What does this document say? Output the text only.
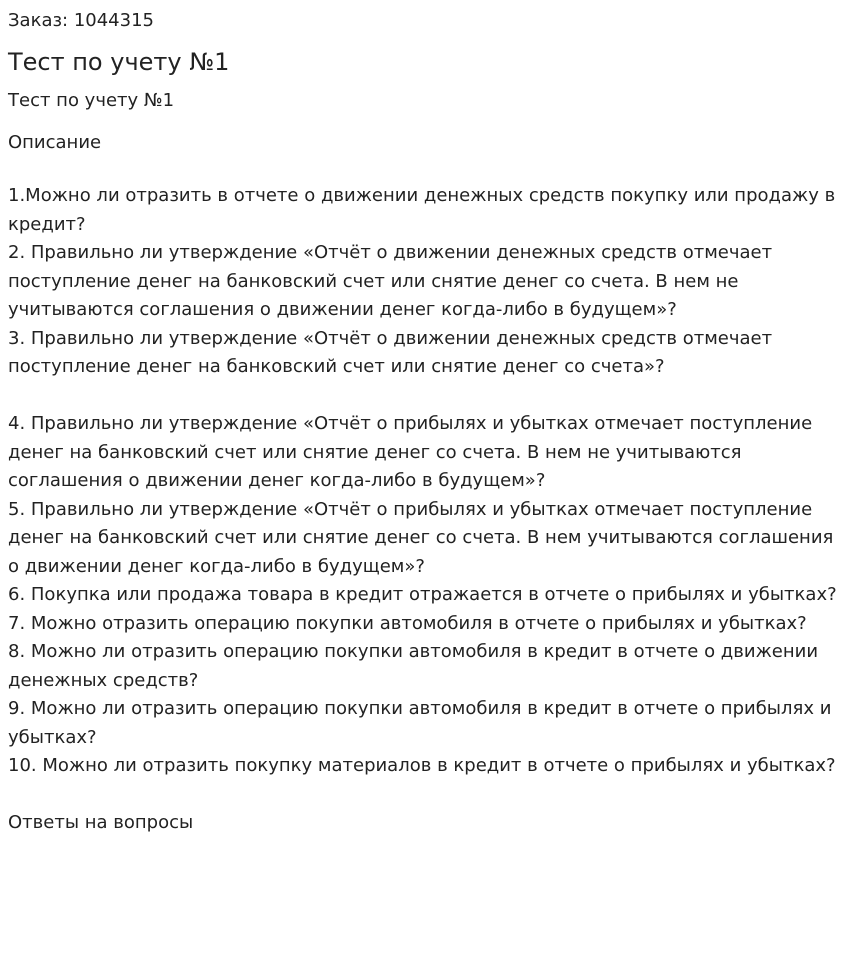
Заказ: 1044315
Тест по учету №1
Тест по учету №1
Описание
1.Можно ли отразить в отчете о движении денежных средств покупку или продажу в кредит?
2. Правильно ли утверждение «Отчёт о движении денежных средств отмечает поступление денег на банковский счет или снятие денег со счета. В нем не учитываются соглашения о движении денег когда-либо в будущем»?
3. Правильно ли утверждение «Отчёт о движении денежных средств отмечает поступление денег на банковский счет или снятие денег со счета»?
4. Правильно ли утверждение «Отчёт о прибылях и убытках отмечает поступление денег на банковский счет или снятие денег со счета. В нем не учитываются соглашения о движении денег когда-либо в будущем»?
5. Правильно ли утверждение «Отчёт о прибылях и убытках отмечает поступление денег на банковский счет или снятие денег со счета. В нем учитываются соглашения о движении денег когда-либо в будущем»?
6. Покупка или продажа товара в кредит отражается в отчете о прибылях и убытках?
7. Можно отразить операцию покупки автомобиля в отчете о прибылях и убытках?
8. Можно ли отразить операцию покупки автомобиля в кредит в отчете о движении денежных средств?
9. Можно ли отразить операцию покупки автомобиля в кредит в отчете о прибылях и убытках?
10. Можно ли отразить покупку материалов в кредит в отчете о прибылях и убытках?
Ответы на вопросы
